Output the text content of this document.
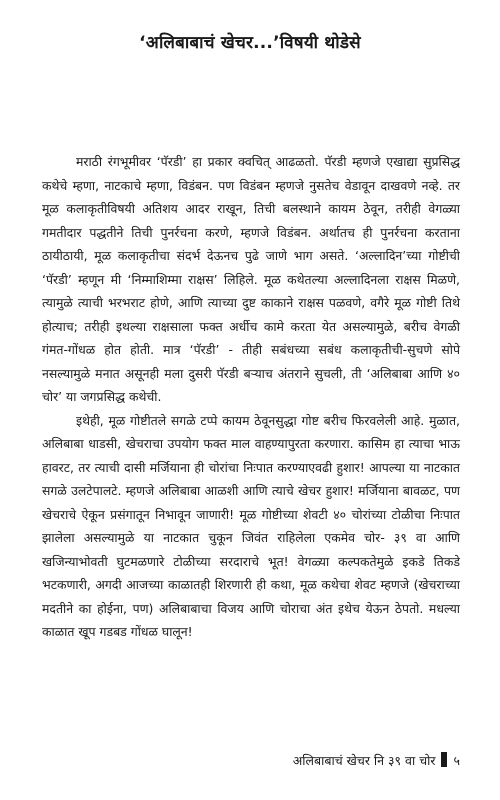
‘अलिबाबाचं खेचर...’विषयी थोडेसे

मराठी रंगभूमीवर ‘पॅरडी’ हा प्रकार क्वचित् आढळतो. पॅरडी म्हणजे एखाद्या सुप्रसिद्ध कथेचे म्हणा, नाटकाचे म्हणा, विडंबन. पण विडंबन म्हणजे नुसतेच वेडावून दाखवणे नव्हे. तर मूळ कलाकृतीविषयी अतिशय आदर राखून, तिची बलस्थाने कायम ठेवून, तरीही वेगळ्या गमतीदार पद्धतीने तिची पुनर्रचना करणे, म्हणजे विडंबन. अर्थातच ही पुनर्रचना करताना ठायीठायी, मूळ कलाकृतीचा संदर्भ देऊनच पुढे जाणे भाग असते. ‘अल्लादिन’च्या गोष्टीची ‘पॅरडी’ म्हणून मी ‘निम्माशिम्मा राक्षस’ लिहिले. मूळ कथेतल्या अल्लादिनला राक्षस मिळणे, त्यामुळे त्याची भरभराट होणे, आणि त्याच्या दुष्ट काकाने राक्षस पळवणे, वगैरे मूळ गोष्टी तिथे होत्याच; तरीही इथल्या राक्षसाला फक्त अर्धीच कामे करता येत असल्यामुळे, बरीच वेगळी गंमत-गोंधळ होत होती. मात्र ‘पॅरडी’ - तीही सबंधच्या सबंध कलाकृतीची-सुचणे सोपे नसल्यामुळे मनात असूनही मला दुसरी पॅरडी बऱ्याच अंतराने सुचली, ती ‘अलिबाबा आणि ४० चोर’ या जगप्रसिद्ध कथेची.

इथेही, मूळ गोष्टीतले सगळे टप्पे कायम ठेवूनसुद्धा गोष्ट बरीच फिरवलेली आहे. मुळात, अलिबाबा धाडसी, खेचराचा उपयोग फक्त माल वाहण्यापुरता करणारा. कासिम हा त्याचा भाऊ हावरट, तर त्याची दासी मर्जियाना ही चोरांचा निःपात करण्याएवढी हुशार! आपल्या या नाटकात सगळे उलटेपालटे. म्हणजे अलिबाबा आळशी आणि त्याचे खेचर हुशार! मर्जियाना बावळट, पण खेचराचे ऐकून प्रसंगातून निभावून जाणारी! मूळ गोष्टीच्या शेवटी ४० चोरांच्या टोळीचा निःपात झालेला असल्यामुळे या नाटकात चुकून जिवंत राहिलेला एकमेव चोर- ३९ वा आणि खजिन्याभोवती घुटमळणारे टोळीच्या सरदाराचे भूत! वेगळ्या कल्पकतेमुळे इकडे तिकडे भटकणारी, अगदी आजच्या काळातही शिरणारी ही कथा, मूळ कथेचा शेवट म्हणजे (खेचराच्या मदतीने का होईना, पण) अलिबाबाचा विजय आणि चोराचा अंत इथेच येऊन ठेपतो. मधल्या काळात खूप गडबड गोंधळ घालून!

अलिबाबाचं खेचर नि ३९ वा चोर ५
